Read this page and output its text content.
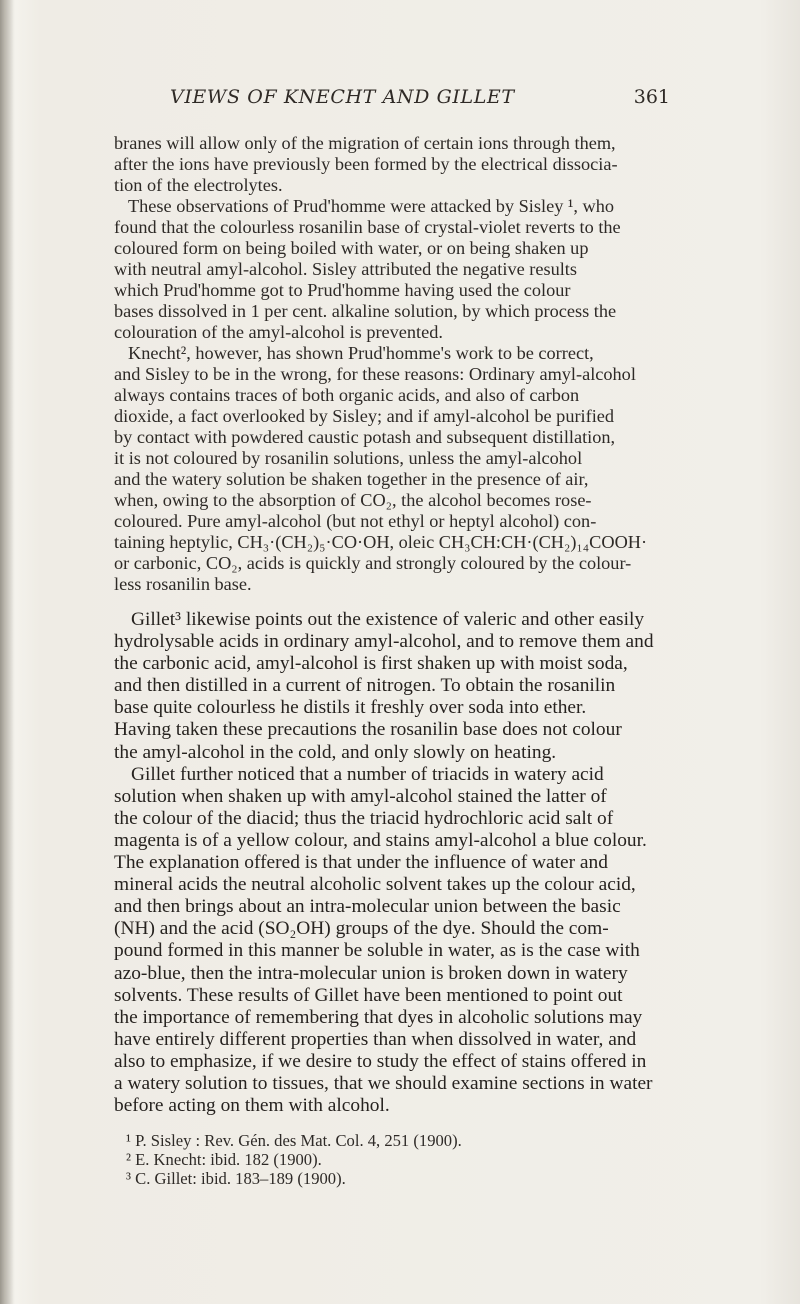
VIEWS OF KNECHT AND GILLET	361
branes will allow only of the migration of certain ions through them,
after the ions have previously been formed by the electrical dissocia-
tion of the electrolytes.
These observations of Prud'homme were attacked by Sisley ¹, who
found that the colourless rosanilin base of crystal-violet reverts to the
coloured form on being boiled with water, or on being shaken up
with neutral amyl-alcohol. Sisley attributed the negative results
which Prud'homme got to Prud'homme having used the colour
bases dissolved in 1 per cent. alkaline solution, by which process the
colouration of the amyl-alcohol is prevented.
Knecht², however, has shown Prud'homme's work to be correct,
and Sisley to be in the wrong, for these reasons: Ordinary amyl-alcohol
always contains traces of both organic acids, and also of carbon
dioxide, a fact overlooked by Sisley; and if amyl-alcohol be purified
by contact with powdered caustic potash and subsequent distillation,
it is not coloured by rosanilin solutions, unless the amyl-alcohol
and the watery solution be shaken together in the presence of air,
when, owing to the absorption of CO₂, the alcohol becomes rose-
coloured. Pure amyl-alcohol (but not ethyl or heptyl alcohol) con-
taining heptylic, CH₃·(CH₂)₅·CO·OH, oleic CH₃CH:CH·(CH₂)₁₄COOH·
or carbonic, CO₂, acids is quickly and strongly coloured by the colour-
less rosanilin base.
Gillet³ likewise points out the existence of valeric and other easily
hydrolysable acids in ordinary amyl-alcohol, and to remove them and
the carbonic acid, amyl-alcohol is first shaken up with moist soda,
and then distilled in a current of nitrogen. To obtain the rosanilin
base quite colourless he distils it freshly over soda into ether.
Having taken these precautions the rosanilin base does not colour
the amyl-alcohol in the cold, and only slowly on heating.
Gillet further noticed that a number of triacids in watery acid
solution when shaken up with amyl-alcohol stained the latter of
the colour of the diacid; thus the triacid hydrochloric acid salt of
magenta is of a yellow colour, and stains amyl-alcohol a blue colour.
The explanation offered is that under the influence of water and
mineral acids the neutral alcoholic solvent takes up the colour acid,
and then brings about an intra-molecular union between the basic
(NH) and the acid (SO₂OH) groups of the dye. Should the com-
pound formed in this manner be soluble in water, as is the case with
azo-blue, then the intra-molecular union is broken down in watery
solvents. These results of Gillet have been mentioned to point out
the importance of remembering that dyes in alcoholic solutions may
have entirely different properties than when dissolved in water, and
also to emphasize, if we desire to study the effect of stains offered in
a watery solution to tissues, that we should examine sections in water
before acting on them with alcohol.
¹ P. Sisley : Rev. Gén. des Mat. Col. 4, 251 (1900).
² E. Knecht: ibid. 182 (1900).
³ C. Gillet: ibid. 183–189 (1900).
